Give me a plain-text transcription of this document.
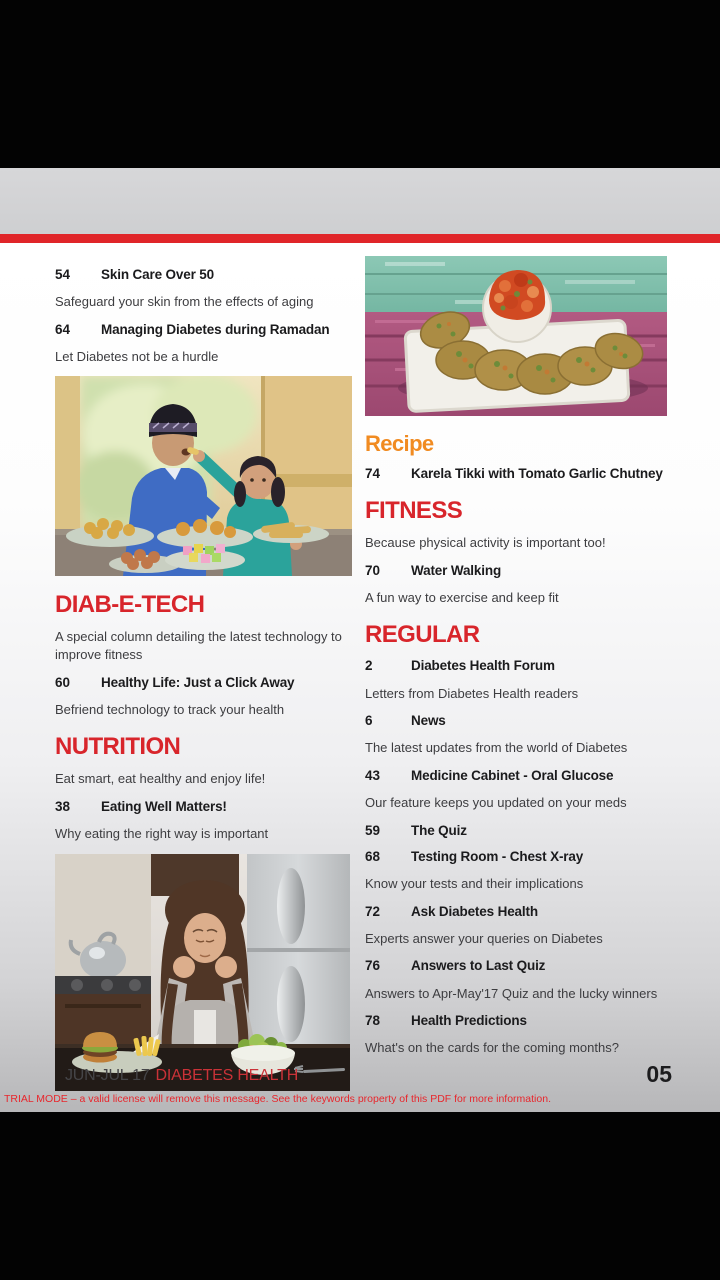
54	Skin Care Over 50
Safeguard your skin from the effects of aging
64	Managing Diabetes during Ramadan
Let Diabetes not be a hurdle
DIAB-E-TECH
A special column detailing the latest technology to improve fitness
60	Healthy Life: Just a Click Away
Befriend technology to track your health
NUTRITION
Eat smart, eat healthy and enjoy life!
38	Eating Well Matters!
Why eating the right way is important
Recipe
74	Karela Tikki with Tomato Garlic Chutney
FITNESS
Because physical activity is important too!
70	Water Walking
A fun way to exercise and keep fit
REGULAR
2	Diabetes Health Forum
Letters from Diabetes Health readers
6	News
The latest updates from the world of Diabetes
43	Medicine Cabinet - Oral Glucose
Our feature keeps you updated on your meds
59	The Quiz
68	Testing Room - Chest X-ray
Know your tests and their implications
72	Ask Diabetes Health
Experts answer your queries on Diabetes
76	Answers to Last Quiz
Answers to Apr-May'17 Quiz and the lucky winners
78	Health Predictions
What's on the cards for the coming months?
JUN-JUL 17 DIABETES HEALTH	05
TRIAL MODE – a valid license will remove this message. See the keywords property of this PDF for more information.
